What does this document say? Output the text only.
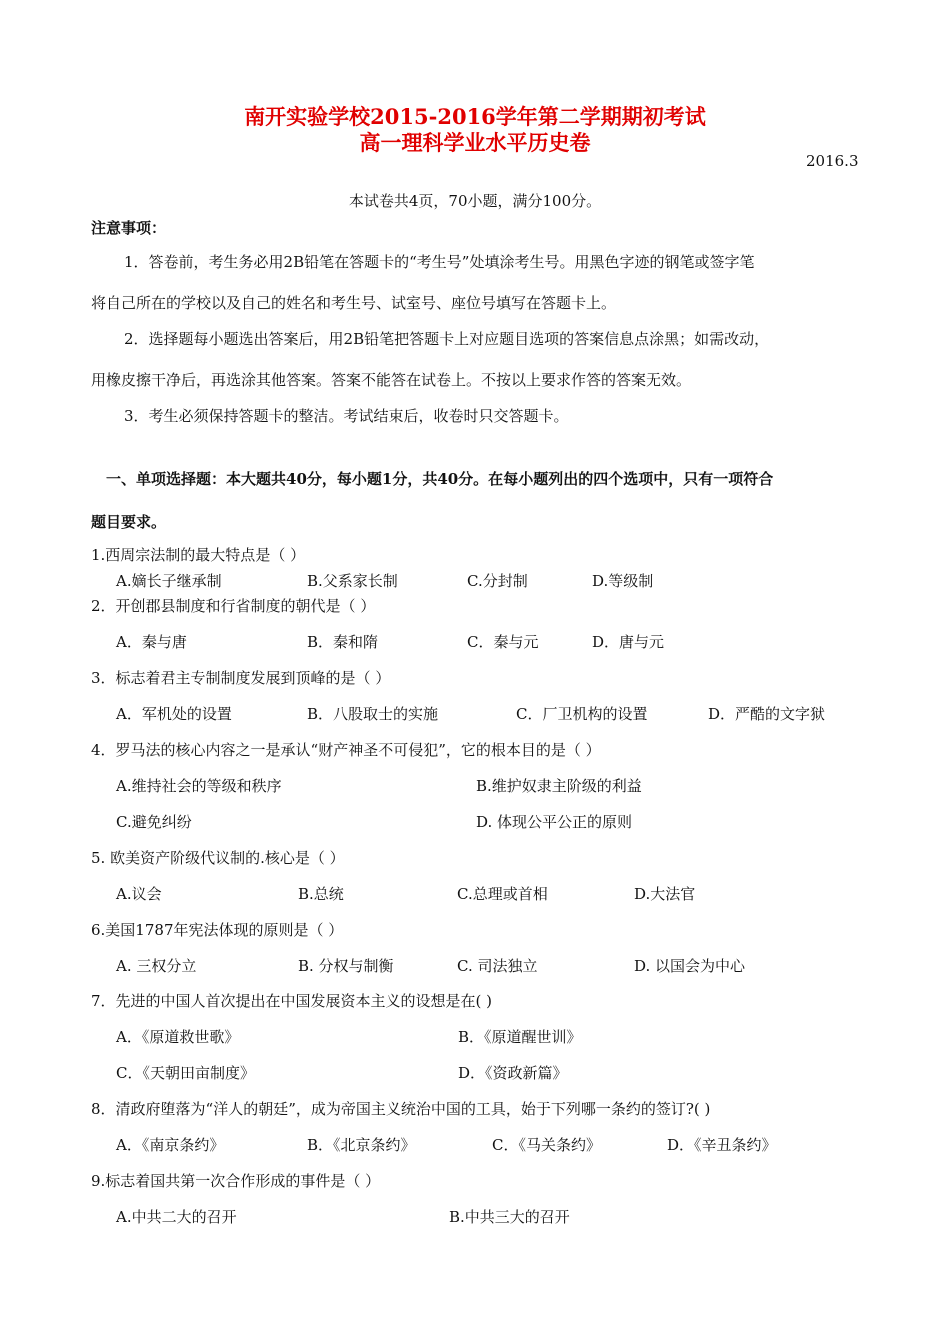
南开实验学校2015-2016学年第二学期期初考试
高一理科学业水平历史卷
2016.3
本试卷共4页，70小题，满分100分。
注意事项：
1．答卷前，考生务必用2B铅笔在答题卡的“考生号”处填涂考生号。用黑色字迹的钢笔或签字笔
将自己所在的学校以及自己的姓名和考生号、试室号、座位号填写在答题卡上。
2．选择题每小题选出答案后，用2B铅笔把答题卡上对应题目选项的答案信息点涂黑；如需改动，
用橡皮擦干净后，再选涂其他答案。答案不能答在试卷上。不按以上要求作答的答案无效。
3．考生必须保持答题卡的整洁。考试结束后，收卷时只交答题卡。
一、单项选择题：本大题共40分，每小题1分，共40分。在每小题列出的四个选项中，只有一项符合
题目要求。
1.西周宗法制的最大特点是（ ）
A.嫡长子继承制	B.父系家长制	C.分封制	D.等级制
2．开创郡县制度和行省制度的朝代是（ ）
A．秦与唐	B．秦和隋	C．秦与元	D．唐与元
3．标志着君主专制制度发展到顶峰的是（ ）
A．军机处的设置	B．八股取士的实施	C．厂卫机构的设置	D．严酷的文字狱
4．罗马法的核心内容之一是承认“财产神圣不可侵犯”，它的根本目的是（ ）
A.维持社会的等级和秩序	B.维护奴隶主阶级的利益
C.避免纠纷	D. 体现公平公正的原则
5. 欧美资产阶级代议制的.核心是（ ）
A.议会	B.总统	C.总理或首相	D.大法官
6.美国1787年宪法体现的原则是（ ）
A. 三权分立	B. 分权与制衡	C. 司法独立	D. 以国会为中心
7．先进的中国人首次提出在中国发展资本主义的设想是在( )
A．《原道救世歌》	B．《原道醒世训》
C．《天朝田亩制度》	D．《资政新篇》
8．清政府堕落为“洋人的朝廷”，成为帝国主义统治中国的工具，始于下列哪一条约的签订?( )
A．《南京条约》	B．《北京条约》	C．《马关条约》	D．《辛丑条约》
9.标志着国共第一次合作形成的事件是（ ）
A.中共二大的召开	B.中共三大的召开
